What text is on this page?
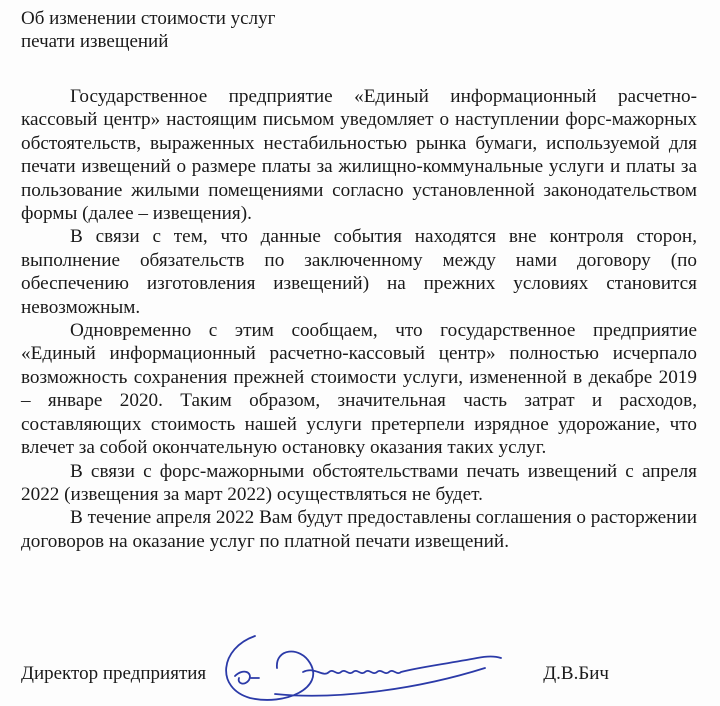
Об изменении стоимости услуг
печати извещений

Государственное предприятие «Единый информационный расчетно-кассовый центр» настоящим письмом уведомляет о наступлении форс-мажорных обстоятельств, выраженных нестабильностью рынка бумаги, используемой для печати извещений о размере платы за жилищно-коммунальные услуги и платы за пользование жилыми помещениями согласно установленной законодательством формы (далее – извещения).

В связи с тем, что данные события находятся вне контроля сторон, выполнение обязательств по заключенному между нами договору (по обеспечению изготовления извещений) на прежних условиях становится невозможным.

Одновременно с этим сообщаем, что государственное предприятие «Единый информационный расчетно-кассовый центр» полностью исчерпало возможность сохранения прежней стоимости услуги, измененной в декабре 2019 – январе 2020. Таким образом, значительная часть затрат и расходов, составляющих стоимость нашей услуги претерпели изрядное удорожание, что влечет за собой окончательную остановку оказания таких услуг.

В связи с форс-мажорными обстоятельствами печать извещений с апреля 2022 (извещения за март 2022) осуществляться не будет.

В течение апреля 2022 Вам будут предоставлены соглашения о расторжении договоров на оказание услуг по платной печати извещений.

Директор предприятия	Д.В.Бич
